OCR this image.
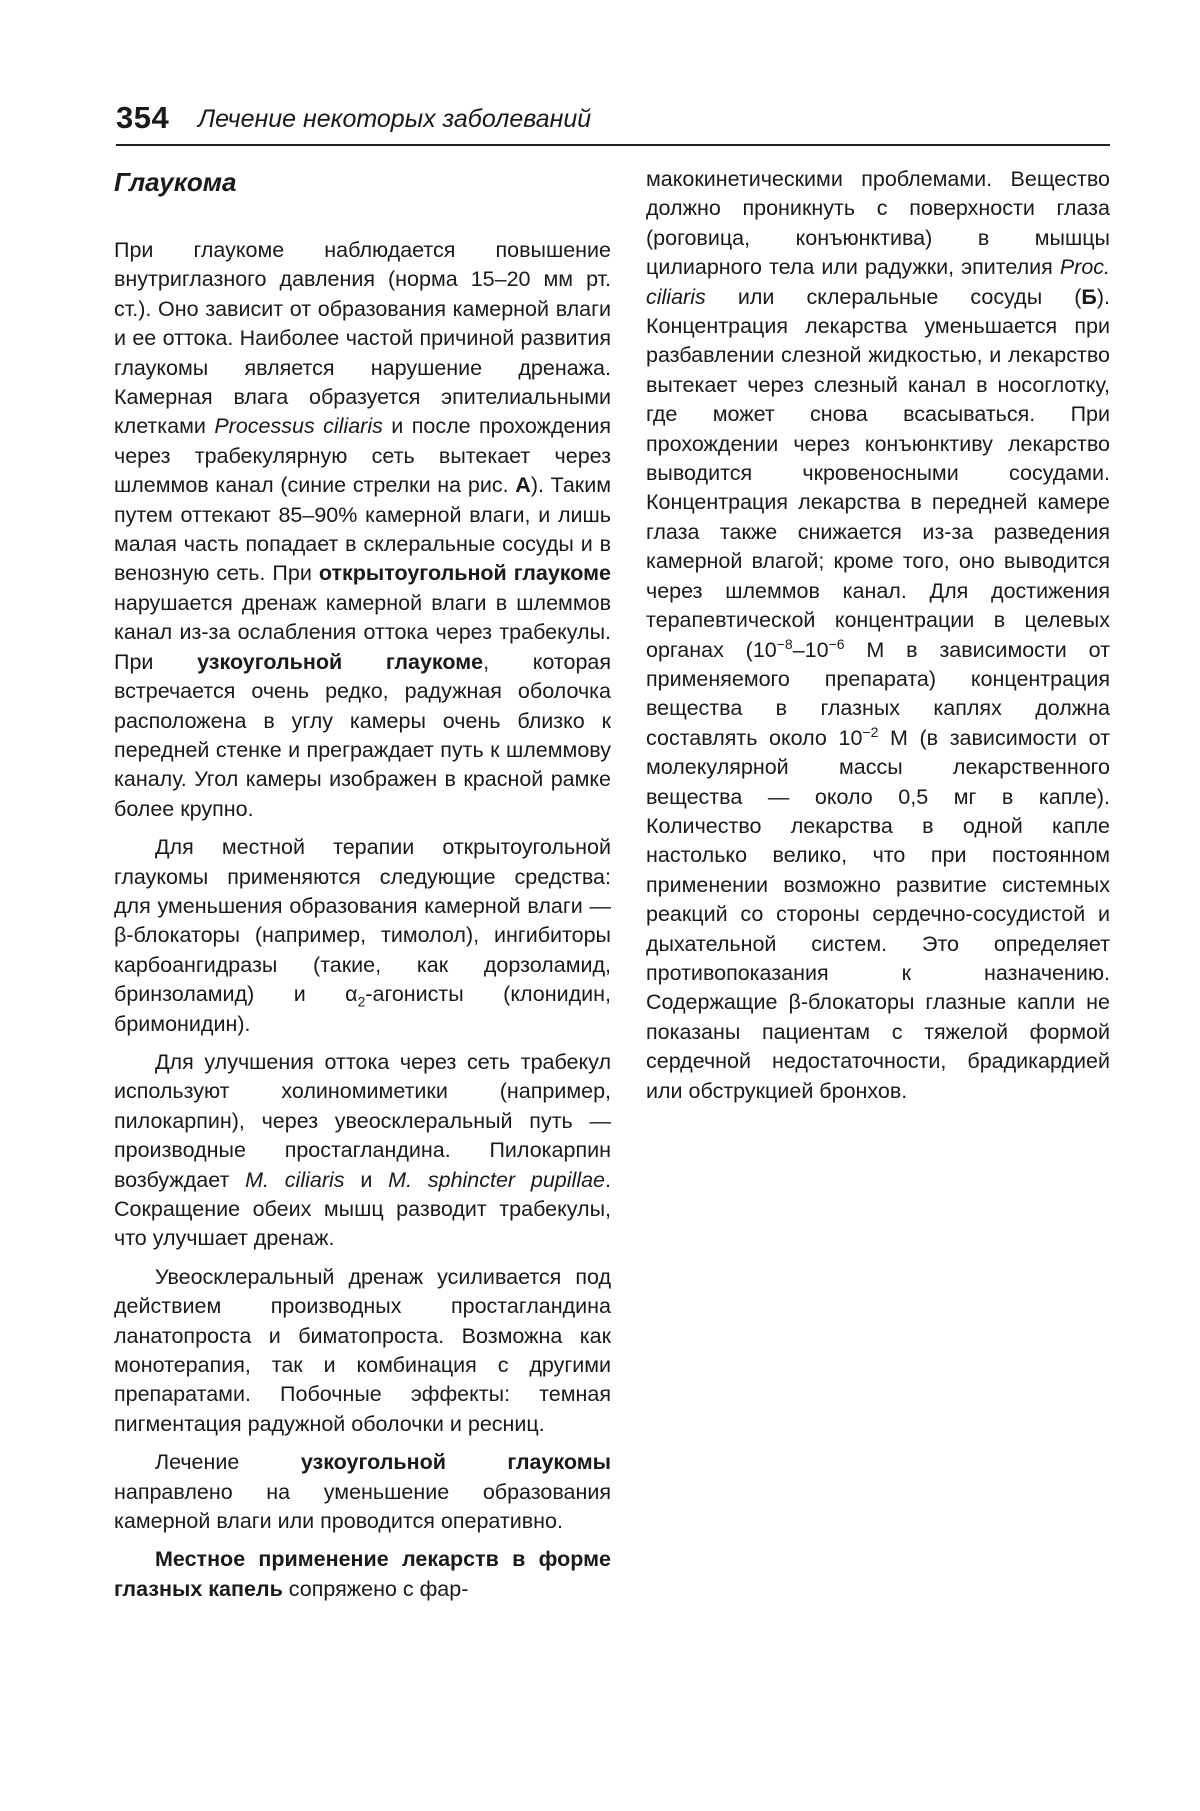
354 Лечение некоторых заболеваний
Глаукома

При глаукоме наблюдается повышение внутриглазного давления (норма 15–20 мм рт. ст.). Оно зависит от образования камерной влаги и ее оттока. Наиболее частой причиной развития глаукомы является нарушение дренажа. Камерная влага образуется эпителиальными клетками Processus ciliaris и после прохождения через трабекулярную сеть вытекает через шлеммов канал (синие стрелки на рис. А). Таким путем оттекают 85–90% камерной влаги, и лишь малая часть попадает в склеральные сосуды и в венозную сеть. При открытоугольной глаукоме нарушается дренаж камерной влаги в шлеммов канал из-за ослабления оттока через трабекулы. При узкоугольной глаукоме, которая встречается очень редко, радужная оболочка расположена в углу камеры очень близко к передней стенке и преграждает путь к шлеммову каналу. Угол камеры изображен в красной рамке более крупно.

Для местной терапии открытоугольной глаукомы применяются следующие средства: для уменьшения образования камерной влаги — β-блокаторы (например, тимолол), ингибиторы карбоангидразы (такие, как дорзоламид, бринзоламид) и $\alpha_2$-агонисты (клонидин, бримонидин).

Для улучшения оттока через сеть трабекул используют холиномиметики (например, пилокарпин), через увеосклеральный путь — производные простагландина. Пилокарпин возбуждает M. ciliaris и M. sphincter pupillae. Сокращение обеих мышц разводит трабекулы, что улучшает дренаж.

Увеосклеральный дренаж усиливается под действием производных простагландина ланатопроста и биматопроста. Возможна как монотерапия, так и комбинация с другими препаратами. Побочные эффекты: темная пигментация радужной оболочки и ресниц.

Лечение узкоугольной глаукомы направлено на уменьшение образования камерной влаги или проводится оперативно.

Местное применение лекарств в форме глазных капель сопряжено с фар-

макокинетическими проблемами. Вещество должно проникнуть с поверхности глаза (роговица, конъюнктива) в мышцы цилиарного тела или радужки, эпителия Proc. ciliaris или склеральные сосуды (Б). Концентрация лекарства уменьшается при разбавлении слезной жидкостью, и лекарство вытекает через слезный канал в носоглотку, где может снова всасываться. При прохождении через конъюнктиву лекарство выводится чкровеносными сосудами. Концентрация лекарства в передней камере глаза также снижается из-за разведения камерной влагой; кроме того, оно выводится через шлеммов канал. Для достижения терапевтической концентрации в целевых органах ($10^{-8}-10^{-6}$ М в зависимости от применяемого препарата) концентрация вещества в глазных каплях должна составлять около $10^{-2}$ М (в зависимости от молекулярной массы лекарственного вещества — около 0,5 мг в капле). Количество лекарства в одной капле настолько велико, что при постоянном применении возможно развитие системных реакций со стороны сердечно-сосудистой и дыхательной систем. Это определяет противопоказания к назначению. Содержащие β-блокаторы глазные капли не показаны пациентам с тяжелой формой сердечной недостаточности, брадикардией или обструкцией бронхов.
